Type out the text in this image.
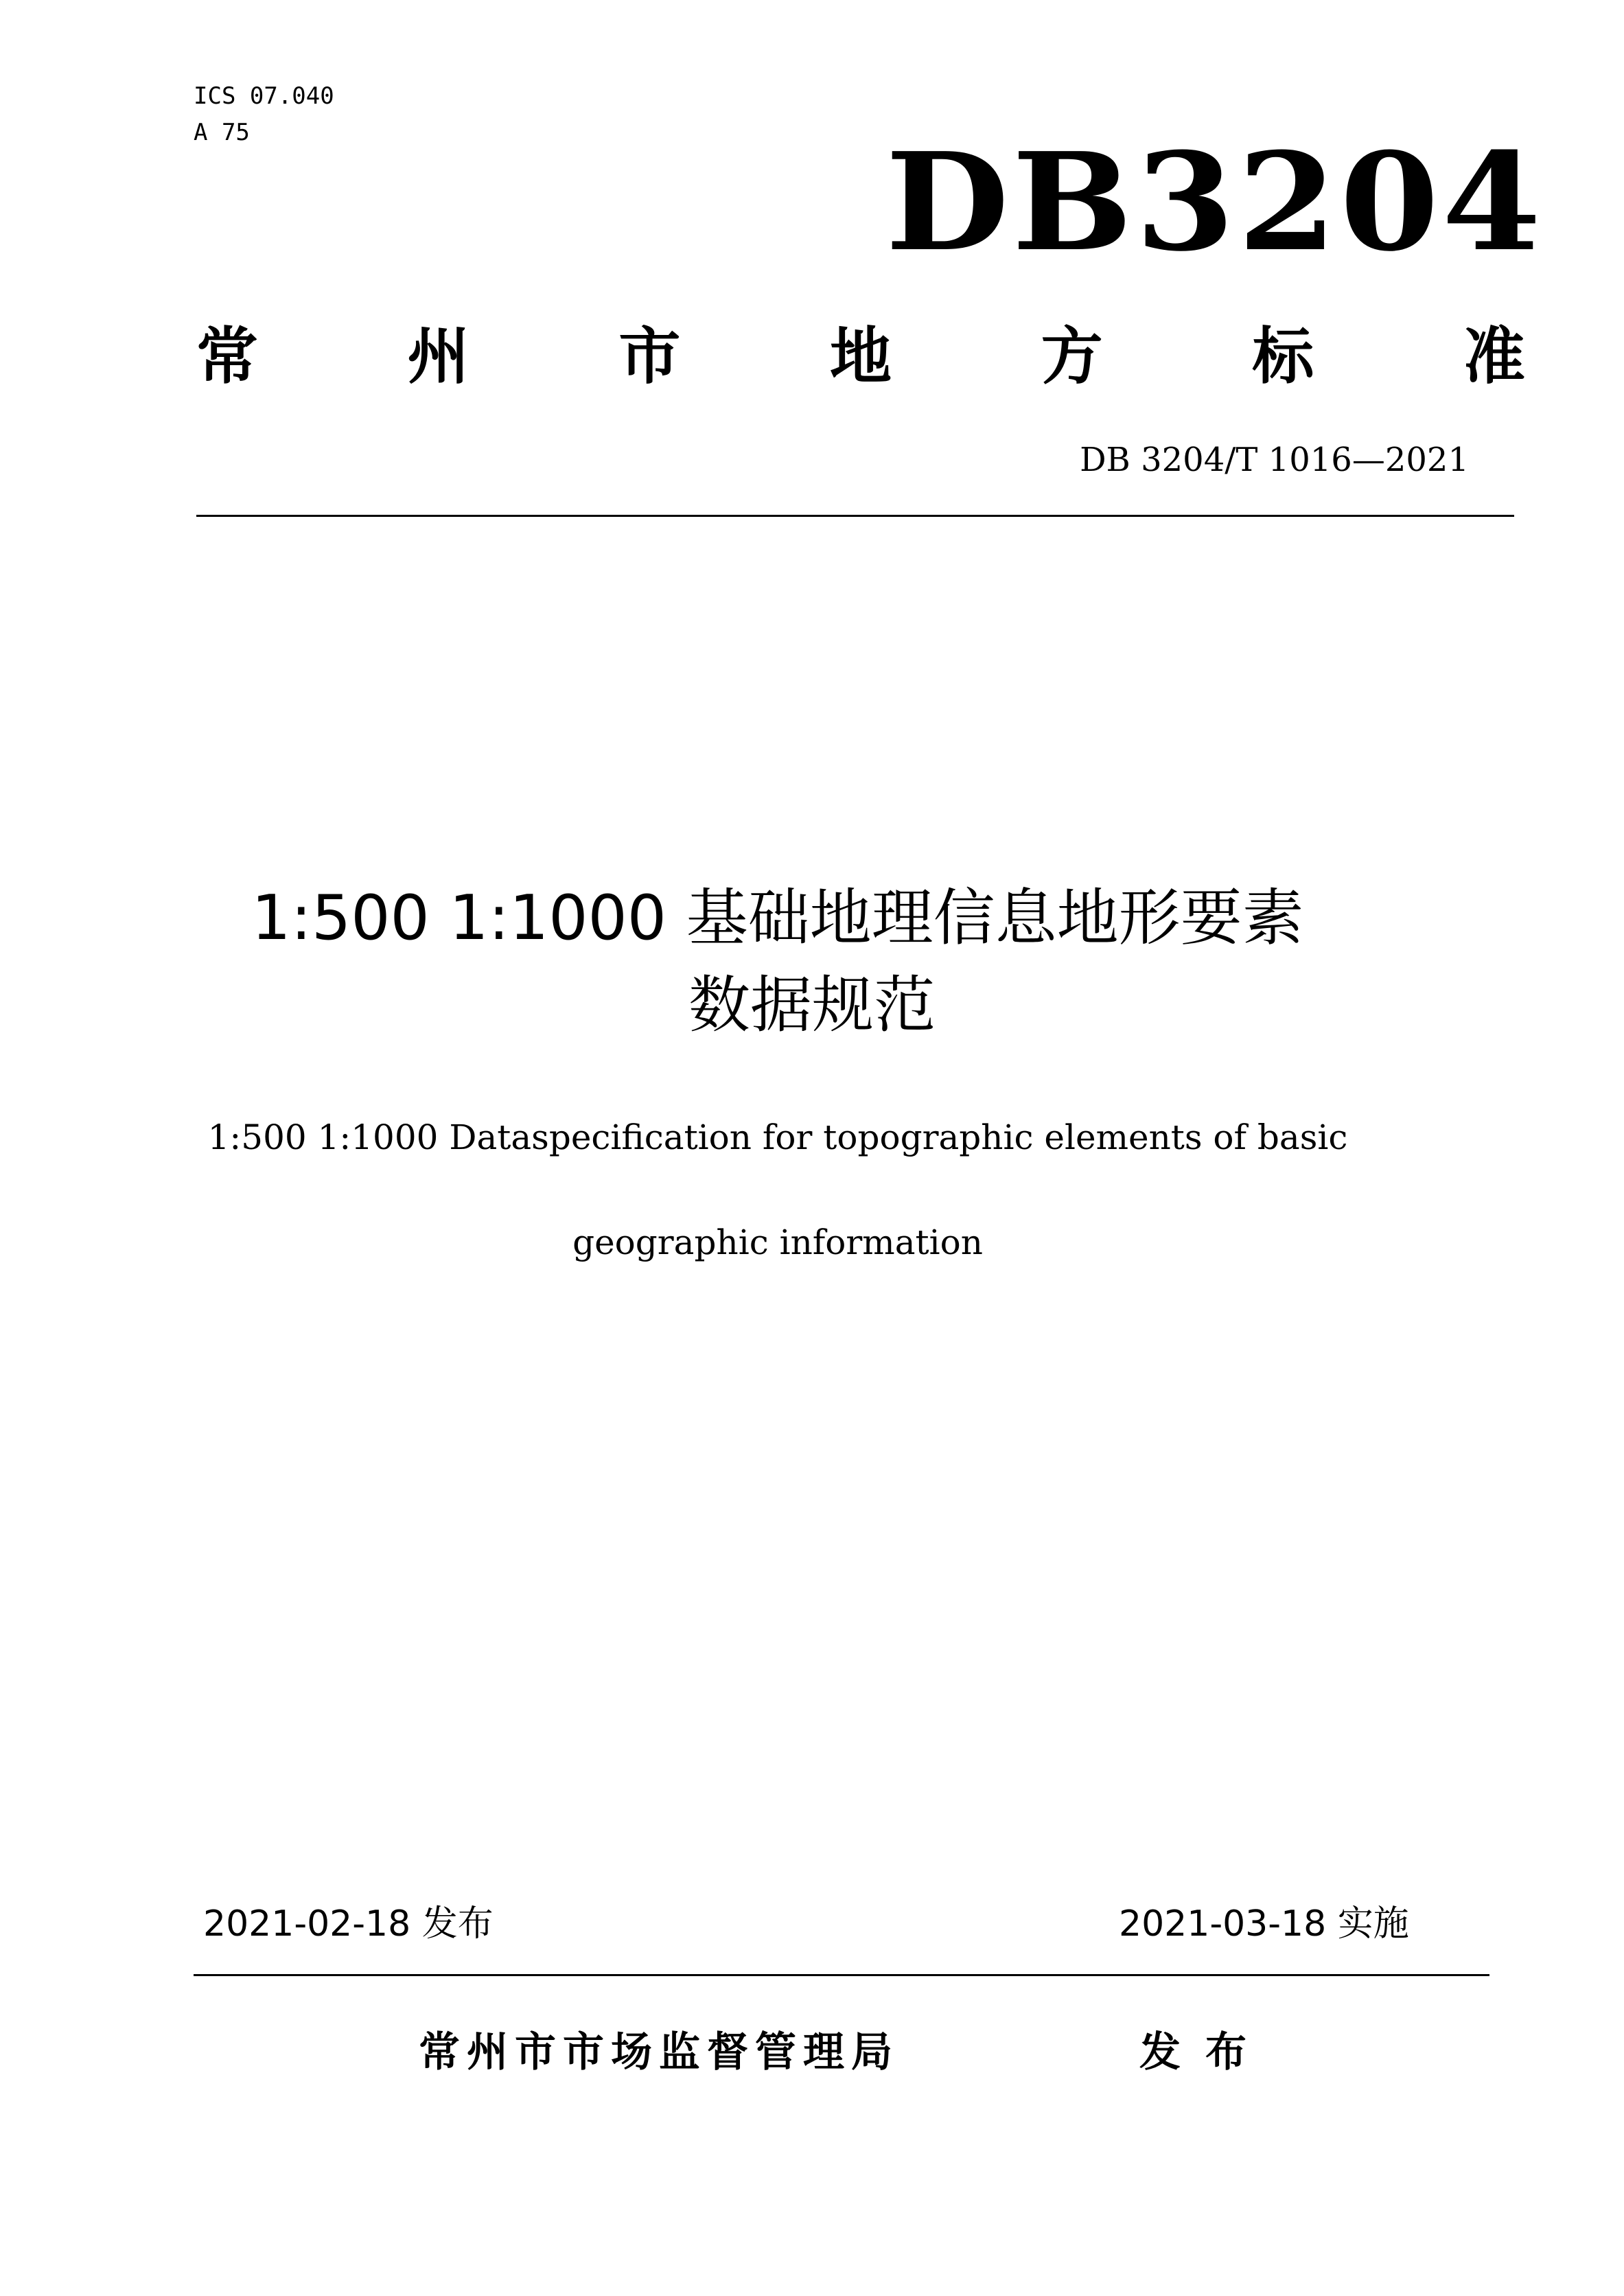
ICS 07.040
A 75	DB3204
常 州 市 地 方 标 准
DB 3204/T 1016—2021
1:500 1:1000 基础地理信息地形要素
数据规范
1:500 1:1000 Dataspecification for topographic elements of basic
geographic information
2021-02-18 发布	2021-03-18 实施
常州市市场监督管理局	发布
